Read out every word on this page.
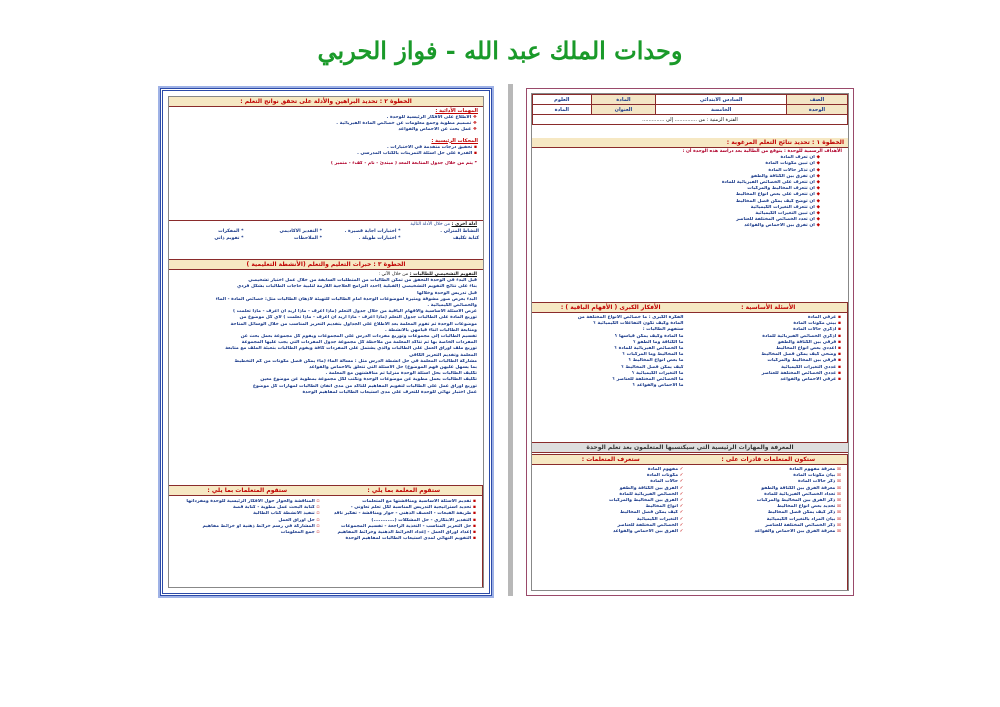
وحدات الملك عبد الله - فواز الحربي
الخطوة ٢ : تحديد البراهين والأدلة على تحقق نواتج التعلم :
المهمات الأدائية :
❖ الاطلاع على الأفكار الرئيسية للوحدة .
❖ تصميم مطوية وجمع معلومات عن خصائص المادة الفيزيائية .
❖ عمل بحث عن الأحماض والقواعد
المحكات الرئيسية :
▪ تحقيق درجات متقدمة في الاختبارات .
▪ القدرة على حل اسئلة التمرينات بالكتاب المدرسي .
* يتم من خلال جدول المتابعة المعد ( مبتدئ - نام - كفء - متميز )
أدلة أخرى : من خلال الأدلة التالية
النشاط المنزلي .
* اختبارات اجابة قصيرة .
* التقدير الاكاديمي
* المفكرات
كتابة تكليف
* اختبارات طويلة .
* الملاحظات
* تقويم ذاتي
الخطوة ٣ : خبرات التعليم والتعلم (الأنشطة التعليمية )
التقويم التشخيصي للطالبات : من خلال الآتي :
قبل البدء في الوحدة التحقق من تمكن الطالبات من المتطلبات السابقة من خلال عمل اختبار تشخيصي
بناء على نتائج التقويم التشخيصي (القبلية )أحدد البرامج العلاجية اللازمة لتلبية حاجات الطالبات بشكل فردي
قبل تدريس الوحدة وخلالها
البدء بعرض صور مشوقة ومثيرة لموضوعات الوحدة أمام الطالبات للتهيئة لأذهان الطالبات مثل: خصائص المادة - الماء
والخصائص الكيميائية .
عرض الأسئلة الأساسية والأفهام الباقية من خلال جدول التعلم (ماذا أعرف - ماذا أريد أن أعرف - ماذا تعلمت )
توزيع المادة على الطالبات جدول التعلم (ماذا أعرف - ماذا أريد أن أعرف - ماذا تعلمت ) لأي كل موضوع من
موضوعات الوحدة ثم تقوم المعلمة بعد الاطلاع على الجداول بتقديم التعزيز المناسب من خلال الوسائل المتاحة
ومتابعة الطالبات أثناء قيامهن بالأنشطة .
تقسيم الطالبات إلى مجموعات وتوزيع مفردات الدرس على المجموعات ويقوم كل مجموعة بعمل بحث عن
المفردات الخاصة بها ثم تتأكد المعلمة من ملاحظة كل مجموعة جدول المفردات التي يجب عليها المجموعة
توزيع ملف أوراق العمل على الطالبات والذي يشتمل على المفردات كافة ويقوم الطالبات بتعبئة الملف مع متابعة
المعلمة وتقديم التعزيز الكافي
مشاركة الطالبات المعلمة في حل أنشطة الدرس مثل : مسألة الماء (ماء يمكن فصل مكونات من كم التخطيط
بما يسهل عليهن فهم الموضوع) حل الأسئلة التي تتعلق بالأحماض والقواعد
تكليف الطالبات بحل أسئلة الوحدة منزلياً ثم مناقشتهن مع المعلمة .
تكليف الطالبات بعمل مطوية عن موضوعات الوحدة ونكتب لكل مجموعة بمطوية عن موضوع معين
توزيع أوراق عمل على الطالبات لتقويم المفاهيم للتأكد من مدى اتقان الطالبات لمهارات كل موضوع
عمل اختبار نهائي للوحدة للتعرف على مدى استيعاب الطالبات لمفاهيم الوحدة
ستقوم المتعلمات بما يلي :
▫ المناقشة والحوار حول الأفكار الرئيسية للوحدة ومفرداتها
▫ كتابة البحث عمل مطوية - كتابة قصة
▫ تنفيذ الأنشطة كتاب الطالبة
▫ حل أوراق العمل
▫ المشاركة في رسم خرائط ذهنية أو خرائط مفاهيم
▫ جمع المعلومات
ستقوم المعلمة بما يلي :
▪ تقديم الأسئلة الأساسية ومناقشتها مع المتعلمات
▪ تحديد استراتيجية التدريس المناسبة لكل تعلم تعاوني -
▪ طريقة القبعات - العصف الذهني - حوار ومناقشة - تفكير ناقد
▪ التقدير الابتكاري - حل المشكلات (............)
▪ حل التعزيز المناسب - التغذية الراجعة - تقسيم المجموعات
▪ إعداد أوراق العمل - إعداد الخرائط الذهنية وخرائط المفاهيم
▪ التقويم النهائي لمدى استيعاب الطالبات لمفاهيم الوحدة
الصف	السادس الابتدائي	المادة	العلوم
الوحدة	الخامسة	العنوان	المادة
الفترة الزمنية : من .............. إلى ..............			
الخطوة ١ : تحديد نتائج التعلم المرغوبة :
الأهداف الرسمية للوحدة : يتوقع من الطالبة بعد دراسة هذه الوحدة أن :
◆ أن تعرف المادة
◆ أن تبين مكونات المادة
◆ أن تذكر حالات المادة
◆ أن تفرق بين الكثافة والطفو
◆ أن تتعرف على الخصائص الفيزيائية للمادة
◆ أن تتعرف المخاليط والمركبات
◆ أن تتعرف على بعض أنواع المخاليط
◆ أن توضح كيف يمكن فصل المخاليط
◆ أن تتعرف التغيرات الكيميائية
◆ أن تبين التغيرات الكيميائية
◆ أن تعدد الخصائص المختلفة للعناصر
◆ أن تفرق بين الأحماض والقواعد
الأفكار الكبرى ( الأفهام الباقية ) :
الفكرة الكبرى : ما خصائص الأنواع المختلفة من
المادة وكيف تكون التفاعلات الكيميائية ؟
ستفهم الطالبات :
ما المادة وكيف يمكن قياسها ؟
ما الكثافة وما الطفو ؟
ما الخصائص الفيزيائية للمادة ؟
ما المخاليط وما المركبات ؟
ما بعض أنواع المخاليط ؟
كيف يمكن فصل المخاليط ؟
ما التغيرات الكيميائية ؟
ما الخصائص المختلفة للعناصر ؟
ما الأحماض والقواعد ؟
الأسئلة الأساسية :
▪ عرفي المادة
▪ بيني مكونات المادة
▪ اذكري حالات المادة
▪ اذكري الخصائص الفيزيائية للمادة
▪ فرقي بين الكثافة والطفو
▪ اعددي بعض أنواع المخاليط
▪ وضحي كيف يمكن فصل المخاليط
▪ فرقي بين المخاليط والمركبات
▪ عددي التغيرات الكيميائية
▪ عددي الخصائص المختلفة للعناصر
▪ عرفي الأحماض والقواعد
المعرفة والمهارات الرئيسية التي سيكتسبها المتعلمون بعد تعلم الوحدة
ستعرف المتعلمات :
✓ مفهوم المادة
✓ مكونات المادة
✓ حالات المادة
✓ الفرق بين الكثافة والطفو
✓ الخصائص الفيزيائية للمادة
✓ الفرق بين المخاليط والمركبات
✓ أنواع المخاليط
✓ كيف يمكن فصل المخاليط
✓ التغيرات الكيميائية
✓ الخصائص المختلفة للعناصر
✓ الفرق بين الأحماض والقواعد
ستكون المتعلمات قادرات على :
☒ معرفة مفهوم المادة
☒ بيان مكونات المادة
☒ ذكر حالات المادة
☒ معرفة الفرق بين الكثافة والطفو
☒ تعداد الخصائص الفيزيائية للمادة
☒ ذكر الفرق بين المخاليط والمركبات
☒ تحديد بعض أنواع المخاليط
☒ ذكر كيف يمكن فصل المخاليط
☒ بيان المراد بالتغيرات الكيميائية
☒ ذكر الخصائص المختلفة للعناصر
☒ معرفة الفرق بين الأحماض والقواعد
